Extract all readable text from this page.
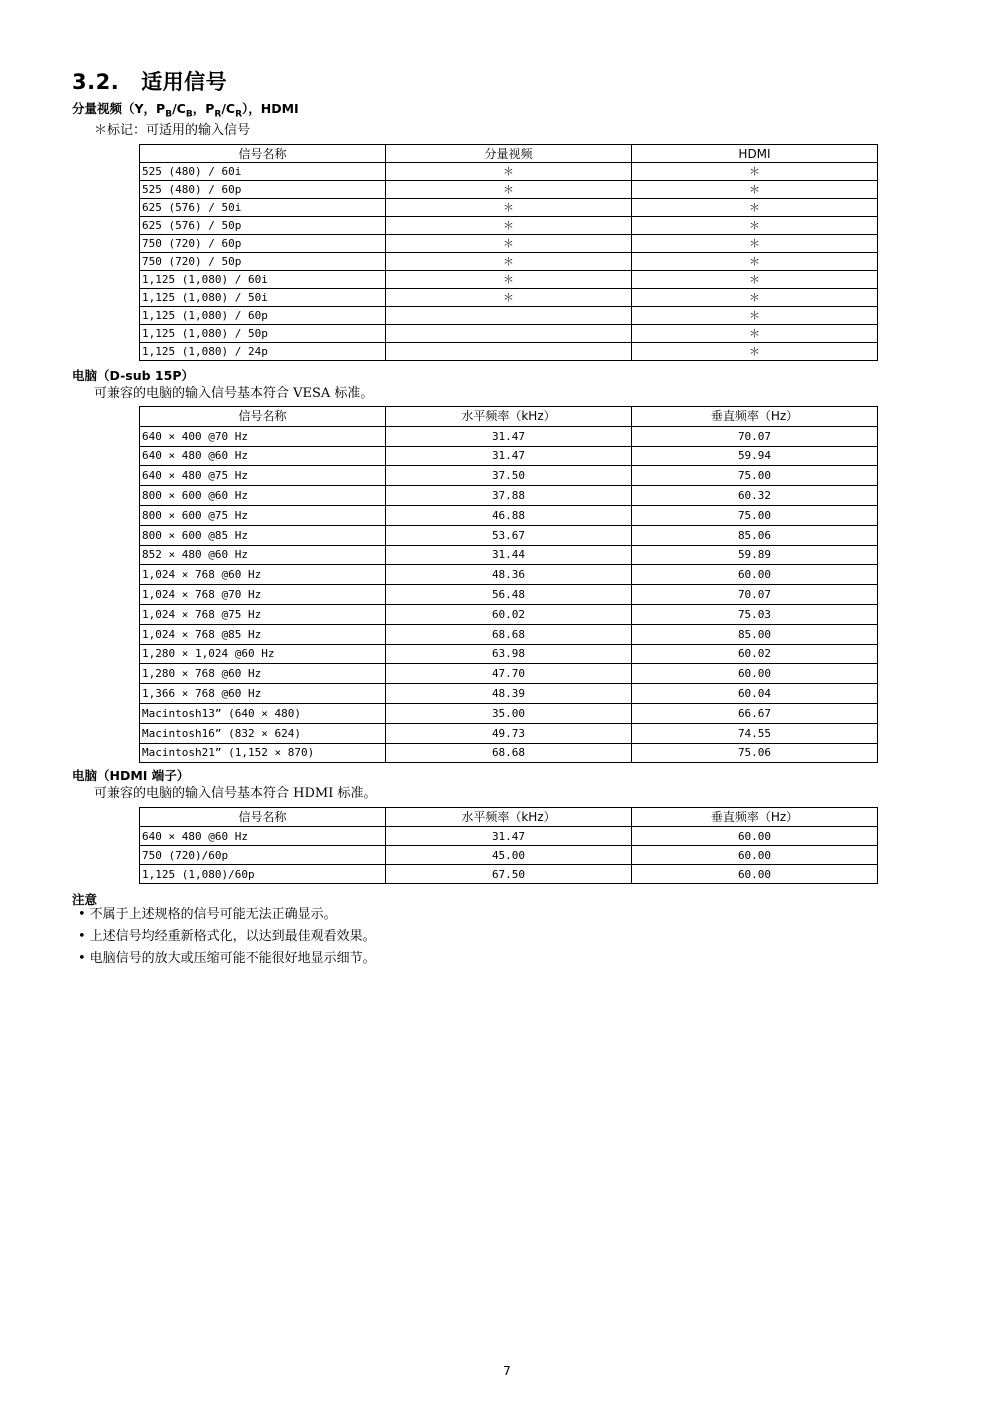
3.2. 适用信号
分量视频（Y，$P_B/C_B$，$P_R/C_R$），HDMI
＊标记：可适用的输入信号
信号名称	分量视频	HDMI
525 (480) / 60i	＊	＊
525 (480) / 60p	＊	＊
625 (576) / 50i	＊	＊
625 (576) / 50p	＊	＊
750 (720) / 60p	＊	＊
750 (720) / 50p	＊	＊
1,125 (1,080) / 60i	＊	＊
1,125 (1,080) / 50i	＊	＊
1,125 (1,080) / 60p		＊
1,125 (1,080) / 50p		＊
1,125 (1,080) / 24p		＊
电脑（D-sub 15P）
可兼容的电脑的输入信号基本符合 VESA 标准。
信号名称	水平频率（kHz）	垂直频率（Hz）
640 × 400 @70 Hz	31.47	70.07
640 × 480 @60 Hz	31.47	59.94
640 × 480 @75 Hz	37.50	75.00
800 × 600 @60 Hz	37.88	60.32
800 × 600 @75 Hz	46.88	75.00
800 × 600 @85 Hz	53.67	85.06
852 × 480 @60 Hz	31.44	59.89
1,024 × 768 @60 Hz	48.36	60.00
1,024 × 768 @70 Hz	56.48	70.07
1,024 × 768 @75 Hz	60.02	75.03
1,024 × 768 @85 Hz	68.68	85.00
1,280 × 1,024 @60 Hz	63.98	60.02
1,280 × 768 @60 Hz	47.70	60.00
1,366 × 768 @60 Hz	48.39	60.04
Macintosh13” (640 × 480)	35.00	66.67
Macintosh16” (832 × 624)	49.73	74.55
Macintosh21” (1,152 × 870)	68.68	75.06
电脑（HDMI 端子）
可兼容的电脑的输入信号基本符合 HDMI 标准。
信号名称	水平频率（kHz）	垂直频率（Hz）
640 × 480 @60 Hz	31.47	60.00
750 (720)/60p	45.00	60.00
1,125 (1,080)/60p	67.50	60.00
注意
• 不属于上述规格的信号可能无法正确显示。
• 上述信号均经重新格式化，以达到最佳观看效果。
• 电脑信号的放大或压缩可能不能很好地显示细节。
7
